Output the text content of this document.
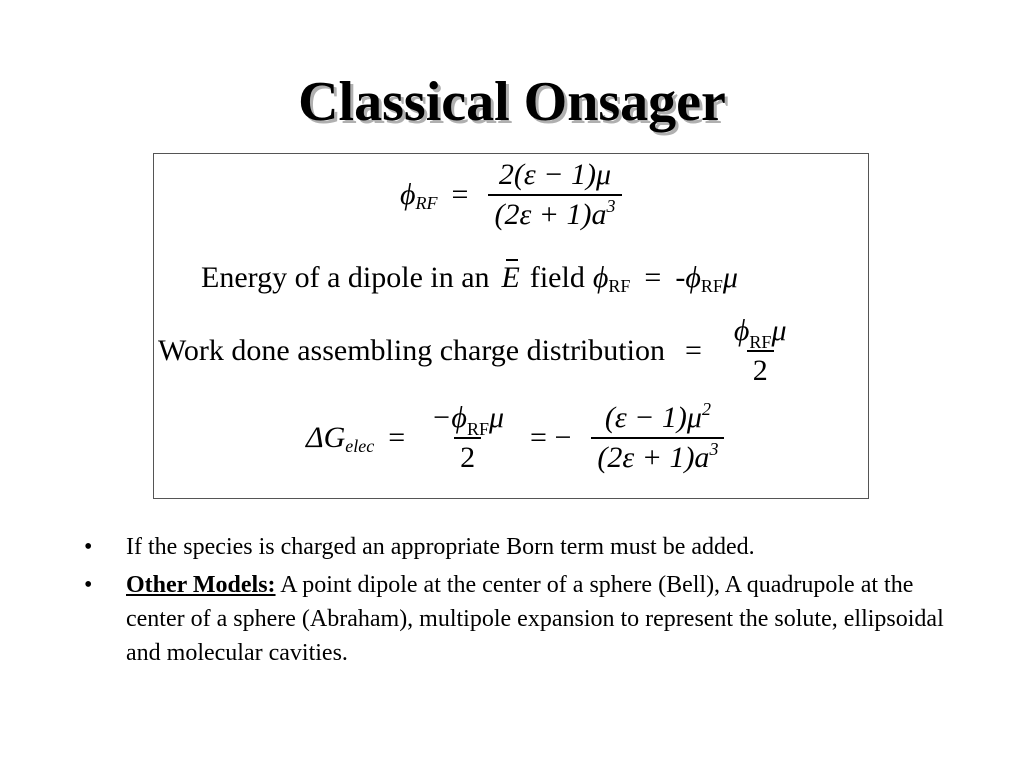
Classical Onsager
ϕ RF = $\frac{2(\varepsilon - 1)\mu}{(2\varepsilon + 1)a^3}$
Energy of a dipole in an E field ϕ RF = -ϕ RF μ
Work done assembling charge distribution = $\frac{\phi_{RF}\mu}{2}$
ΔG elec = $\frac{-\phi_{RF}\mu}{2}$ = − $\frac{(\varepsilon - 1)\mu^2}{(2\varepsilon + 1)a^3}$
• If the species is charged an appropriate Born term must be added.
• Other Models: A point dipole at the center of a sphere (Bell), A quadrupole at the center of a sphere (Abraham), multipole expansion to represent the solute, ellipsoidal and molecular cavities.
